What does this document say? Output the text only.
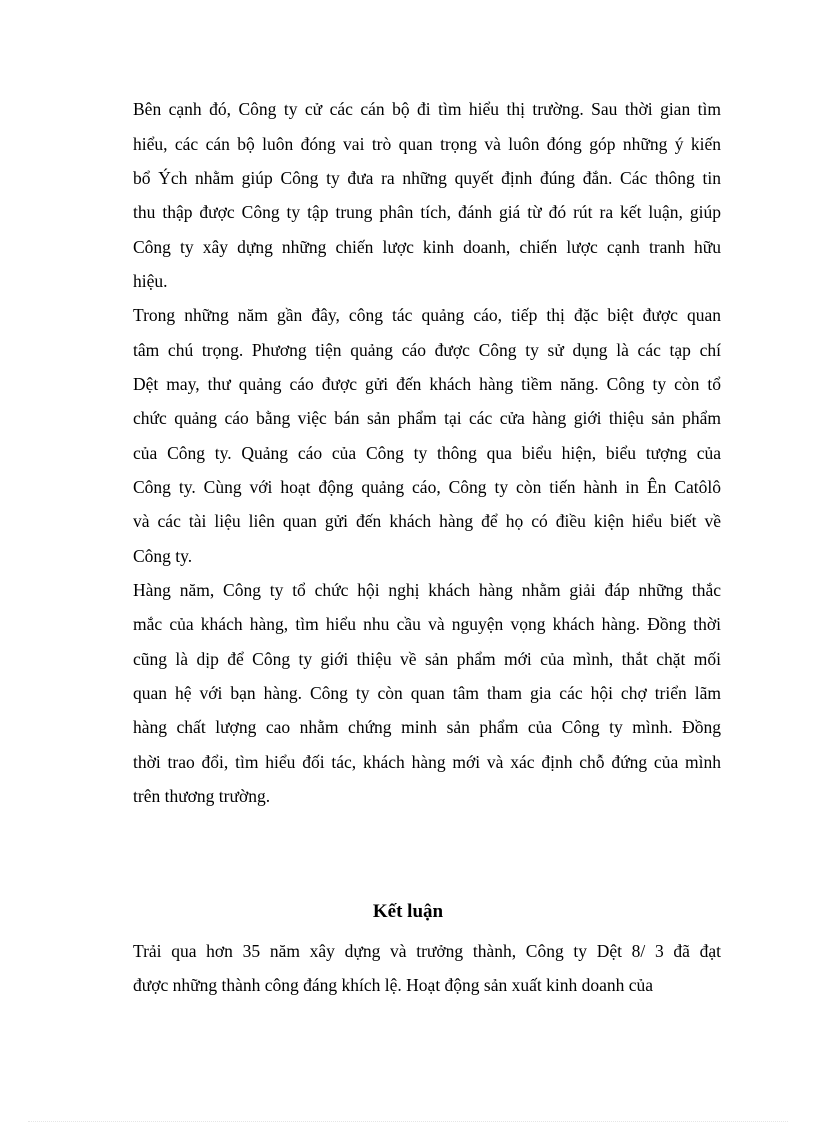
Bên cạnh đó, Công ty cử các cán bộ đi tìm hiểu thị trường. Sau thời gian tìm
hiểu, các cán bộ luôn đóng vai trò quan trọng và luôn đóng góp những ý kiến
bổ Ých nhằm giúp Công ty đưa ra những quyết định đúng đắn. Các thông tin
thu thập được Công ty tập trung phân tích, đánh giá từ đó rút ra kết luận, giúp
Công ty xây dựng những chiến lược kinh doanh, chiến lược cạnh tranh hữu
hiệu.
Trong những năm gần đây, công tác quảng cáo, tiếp thị đặc biệt được quan
tâm chú trọng. Phương tiện quảng cáo được Công ty sử dụng là các tạp chí
Dệt may, thư quảng cáo được gửi đến khách hàng tiềm năng. Công ty còn tổ
chức quảng cáo bằng việc bán sản phẩm tại các cửa hàng giới thiệu sản phẩm
của Công ty. Quảng cáo của Công ty thông qua biểu hiện, biểu tượng của
Công ty. Cùng với hoạt động quảng cáo, Công ty còn tiến hành in Ên Catôlô
và các tài liệu liên quan gửi đến khách hàng để họ có điều kiện hiểu biết về
Công ty.
Hàng năm, Công ty tổ chức hội nghị khách hàng nhằm giải đáp những thắc
mắc của khách hàng, tìm hiểu nhu cầu và nguyện vọng khách hàng. Đồng thời
cũng là dịp để Công ty giới thiệu về sản phẩm mới của mình, thắt chặt mối
quan hệ với bạn hàng. Công ty còn quan tâm tham gia các hội chợ triển lãm
hàng chất lượng cao nhằm chứng minh sản phẩm của Công ty mình. Đồng
thời trao đổi, tìm hiểu đối tác, khách hàng mới và xác định chỗ đứng của mình
trên thương trường.
Kết luận
Trải qua hơn 35 năm xây dựng và trưởng thành, Công ty Dệt 8/ 3 đã đạt
được những thành công đáng khích lệ. Hoạt động sản xuất kinh doanh của
